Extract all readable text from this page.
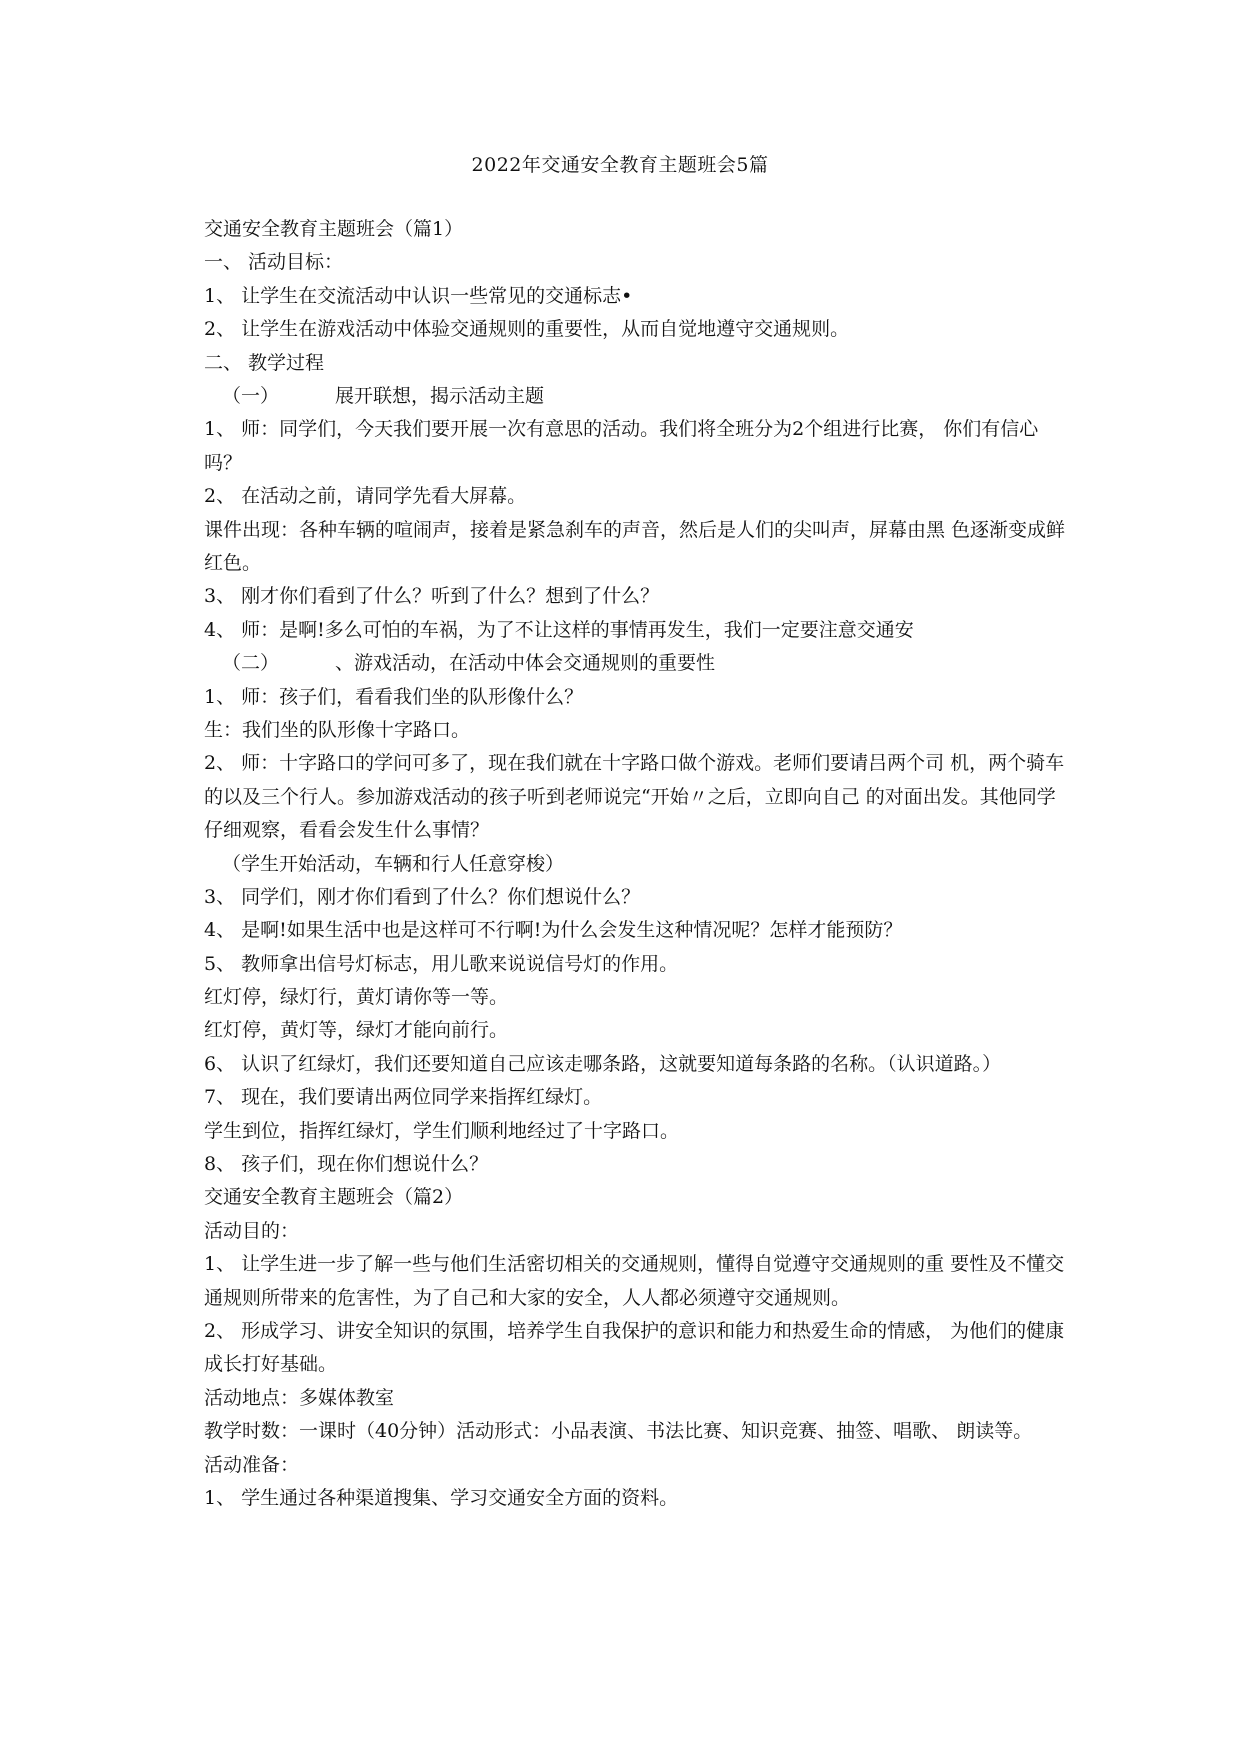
2022年交通安全教育主题班会5篇
交通安全教育主题班会（篇1）
一、 活动目标：
1、 让学生在交流活动中认识一些常见的交通标志•
2、 让学生在游戏活动中体验交通规则的重要性，从而自觉地遵守交通规则。
二、 教学过程
（一）	展开联想，揭示活动主题
1、 师：同学们，今天我们要开展一次有意思的活动。我们将全班分为2个组进行比赛， 你们有信心吗？
2、 在活动之前，请同学先看大屏幕。
课件出现：各种车辆的喧闹声，接着是紧急刹车的声音，然后是人们的尖叫声，屏幕由黑 色逐渐变成鲜红色。
3、 刚才你们看到了什么？听到了什么？想到了什么？
4、 师：是啊!多么可怕的车祸，为了不让这样的事情再发生，我们一定要注意交通安
（二）	、游戏活动，在活动中体会交通规则的重要性
1、 师：孩子们，看看我们坐的队形像什么？
生：我们坐的队形像十字路口。
2、 师：十字路口的学问可多了，现在我们就在十字路口做个游戏。老师们要请吕两个司 机，两个骑车的以及三个行人。参加游戏活动的孩子听到老师说完“开始〃之后，立即向自己 的对面出发。其他同学仔细观察，看看会发生什么事情？
（学生开始活动，车辆和行人任意穿梭）
3、 同学们，刚才你们看到了什么？你们想说什么？
4、 是啊!如果生活中也是这样可不行啊!为什么会发生这种情况呢？怎样才能预防？
5、 教师拿出信号灯标志，用儿歌来说说信号灯的作用。
红灯停，绿灯行，黄灯请你等一等。
红灯停，黄灯等，绿灯才能向前行。
6、 认识了红绿灯，我们还要知道自己应该走哪条路，这就要知道每条路的名称。（认识道路。）
7、 现在，我们要请出两位同学来指挥红绿灯。
学生到位，指挥红绿灯，学生们顺利地经过了十字路口。
8、 孩子们，现在你们想说什么？
交通安全教育主题班会（篇2）
活动目的：
1、 让学生进一步了解一些与他们生活密切相关的交通规则，懂得自觉遵守交通规则的重 要性及不懂交通规则所带来的危害性，为了自己和大家的安全，人人都必须遵守交通规则。
2、 形成学习、讲安全知识的氛围，培养学生自我保护的意识和能力和热爱生命的情感， 为他们的健康成长打好基础。
活动地点：多媒体教室
教学时数：一课时（40分钟）活动形式：小品表演、书法比赛、知识竞赛、抽签、唱歌、 朗读等。
活动准备：
1、 学生通过各种渠道搜集、学习交通安全方面的资料。
